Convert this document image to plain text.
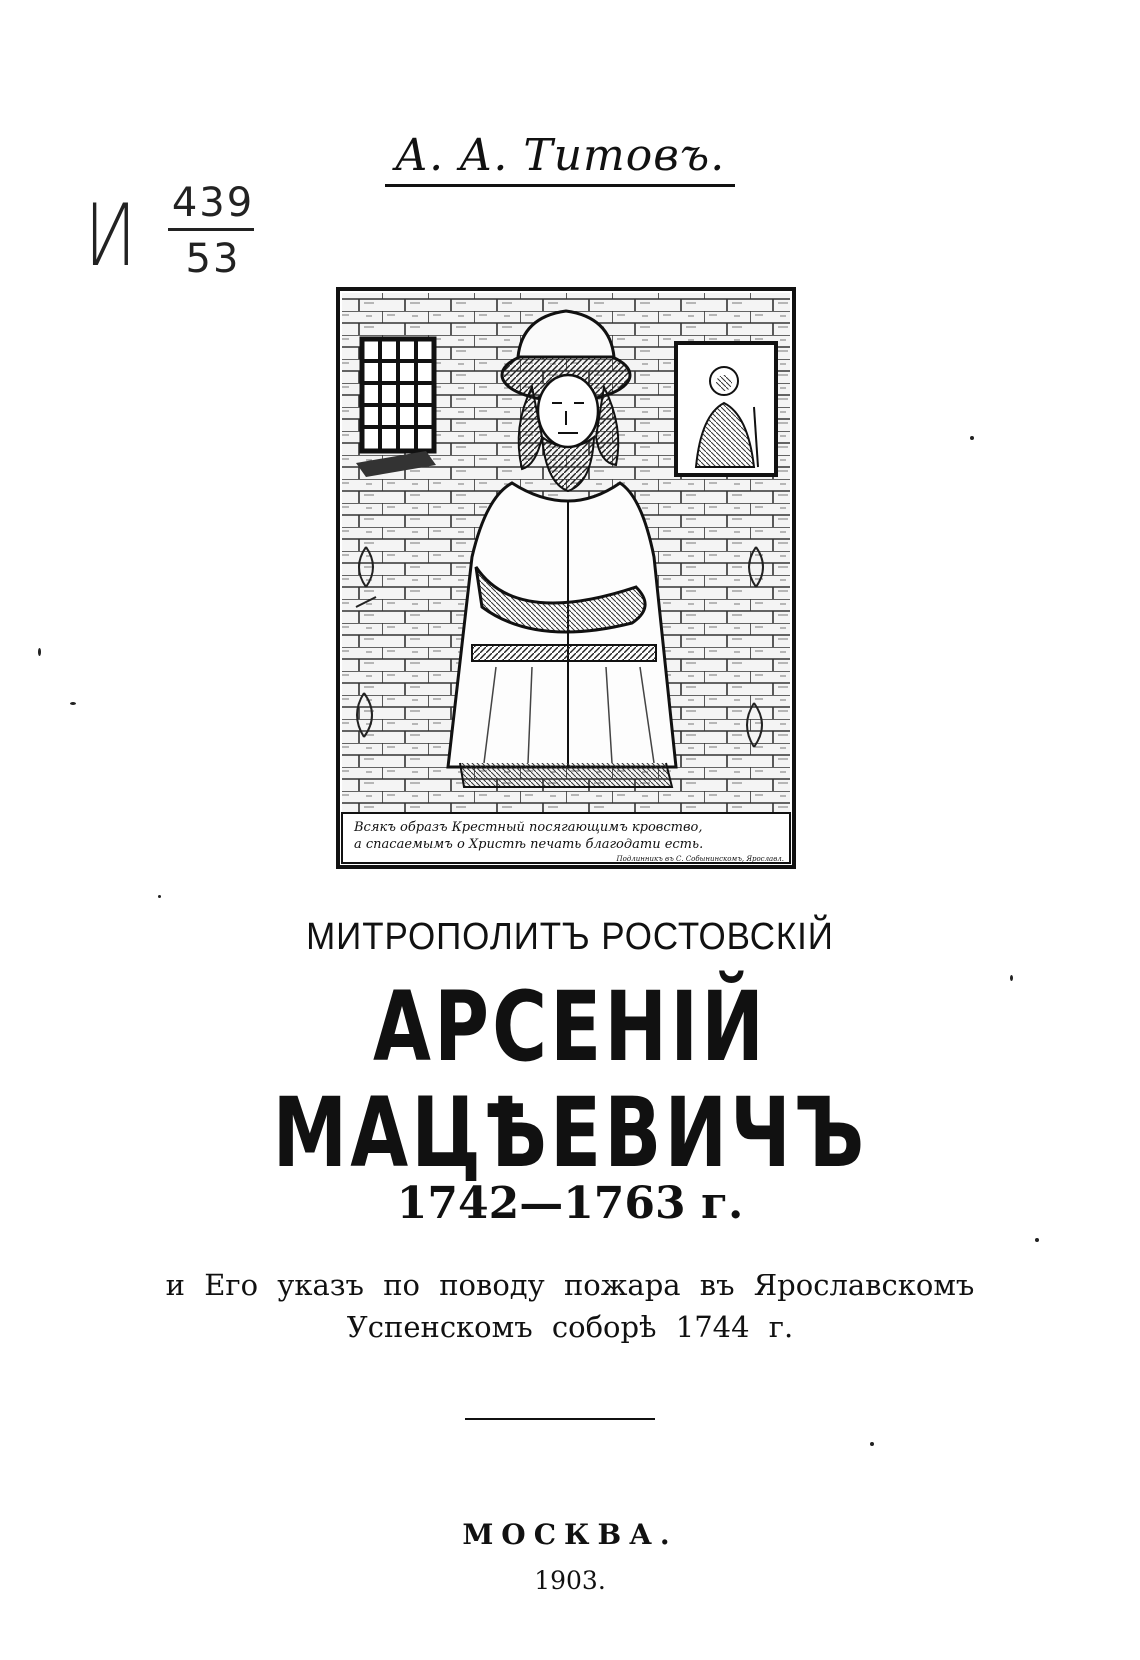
А. А. Титовъ.
И 439
53
Всякъ образъ Крестный посягающимъ кровство,
а спасаемымъ о Христѣ печать благодати есть.
Подлинникъ въ С. Собынинскомъ, Ярославл.
МИТРОПОЛИТЪ РОСТОВСКІЙ
АРСЕНІЙ МАЦѢЕВИЧЪ
1742—1763 г.
и Его указъ по поводу пожара въ Ярославскомъ
Успенскомъ соборѣ 1744 г.
МОСКВА.
1903.
